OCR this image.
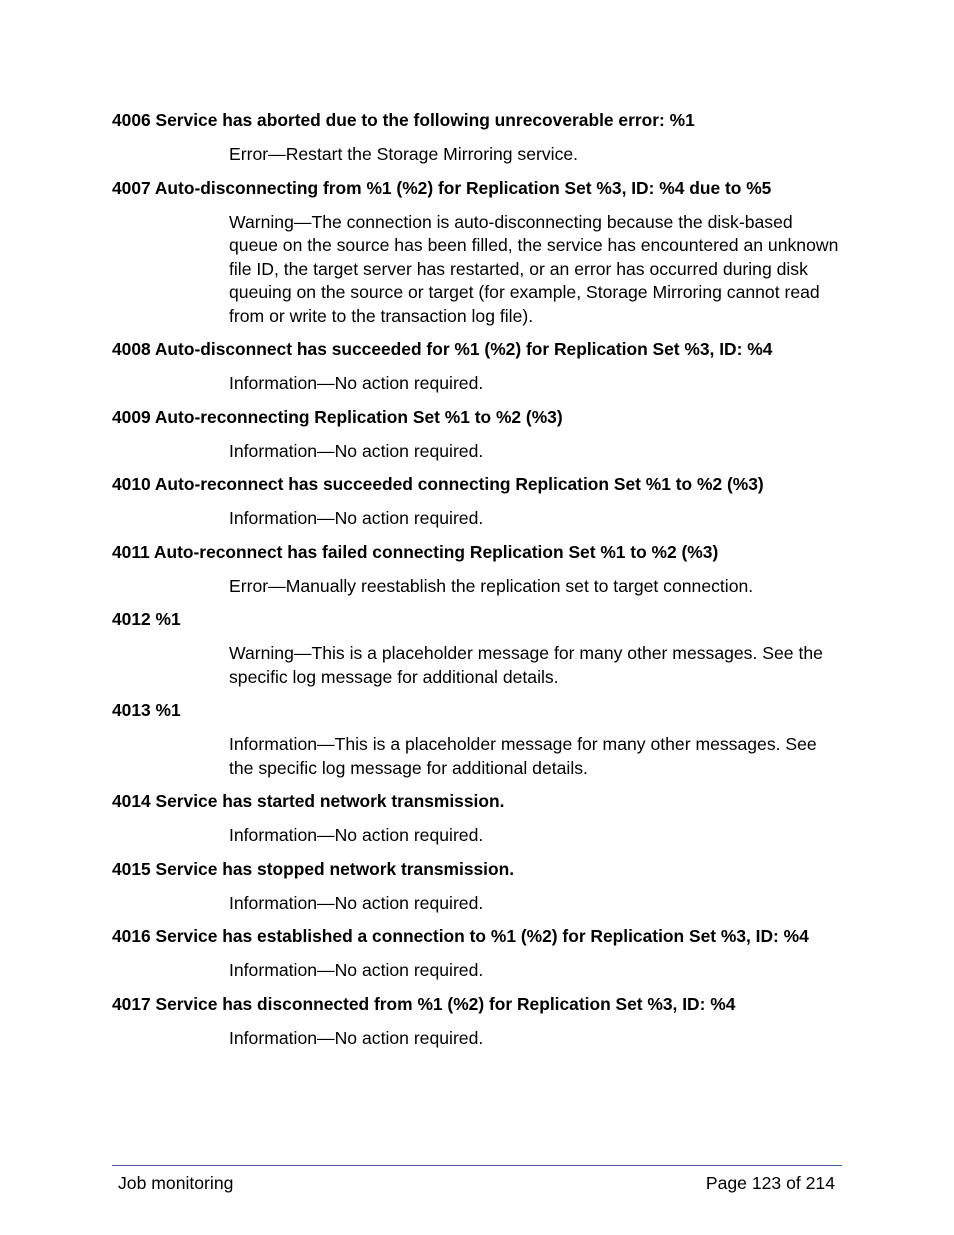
4006 Service has aborted due to the following unrecoverable error: %1

Error—Restart the Storage Mirroring service.

4007 Auto-disconnecting from %1 (%2) for Replication Set %3, ID: %4 due to %5

Warning—The connection is auto-disconnecting because the disk-based queue on the source has been filled, the service has encountered an unknown file ID, the target server has restarted, or an error has occurred during disk queuing on the source or target (for example, Storage Mirroring cannot read from or write to the transaction log file).

4008 Auto-disconnect has succeeded for %1 (%2) for Replication Set %3, ID: %4

Information—No action required.

4009 Auto-reconnecting Replication Set %1 to %2 (%3)

Information—No action required.

4010 Auto-reconnect has succeeded connecting Replication Set %1 to %2 (%3)

Information—No action required.

4011 Auto-reconnect has failed connecting Replication Set %1 to %2 (%3)

Error—Manually reestablish the replication set to target connection.

4012 %1

Warning—This is a placeholder message for many other messages. See the specific log message for additional details.

4013 %1

Information—This is a placeholder message for many other messages. See the specific log message for additional details.

4014 Service has started network transmission.

Information—No action required.

4015 Service has stopped network transmission.

Information—No action required.

4016 Service has established a connection to %1 (%2) for Replication Set %3, ID: %4

Information—No action required.

4017 Service has disconnected from %1 (%2) for Replication Set %3, ID: %4

Information—No action required.

Job monitoring	Page 123 of 214
